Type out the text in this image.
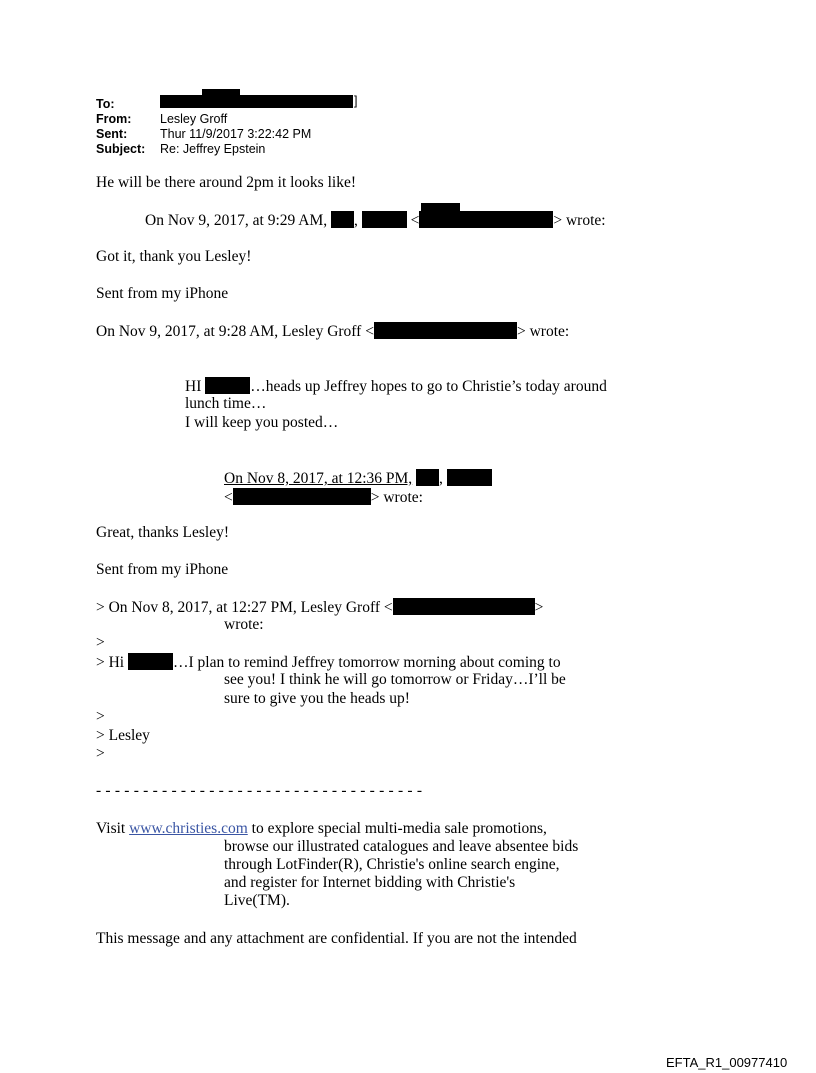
To:	]
From: Lesley Groff
Sent:	Thur 11/9/2017 3:22:42 PM
Subject: Re: Jeffrey Epstein
He will be there around 2pm it looks like!
On Nov 9, 2017, at 9:29 AM, ,	<	> wrote:
Got it, thank you Lesley!
Sent from my iPhone
On Nov 9, 2017, at 9:28 AM, Lesley Groff <	> wrote:
HI	…heads up Jeffrey hopes to go to Christie’s today around
lunch time…
I will keep you posted…
On Nov 8, 2017, at 12:36 PM, ,
<	> wrote:
Great, thanks Lesley!
Sent from my iPhone
> On Nov 8, 2017, at 12:27 PM, Lesley Groff <	>
wrote:
>
> Hi	…I plan to remind Jeffrey tomorrow morning about coming to
see you! I think he will go tomorrow or Friday…I’ll be
sure to give you the heads up!
>
> Lesley
>
- - - - - - - - - - - - - - - - - - - - - - - - - - - - - - - - - - -
Visit www.christies.com to explore special multi-media sale promotions,
browse our illustrated catalogues and leave absentee bids
through LotFinder(R), Christie's online search engine,
and register for Internet bidding with Christie's
Live(TM).
This message and any attachment are confidential. If you are not the intended
EFTA_R1_00977410
